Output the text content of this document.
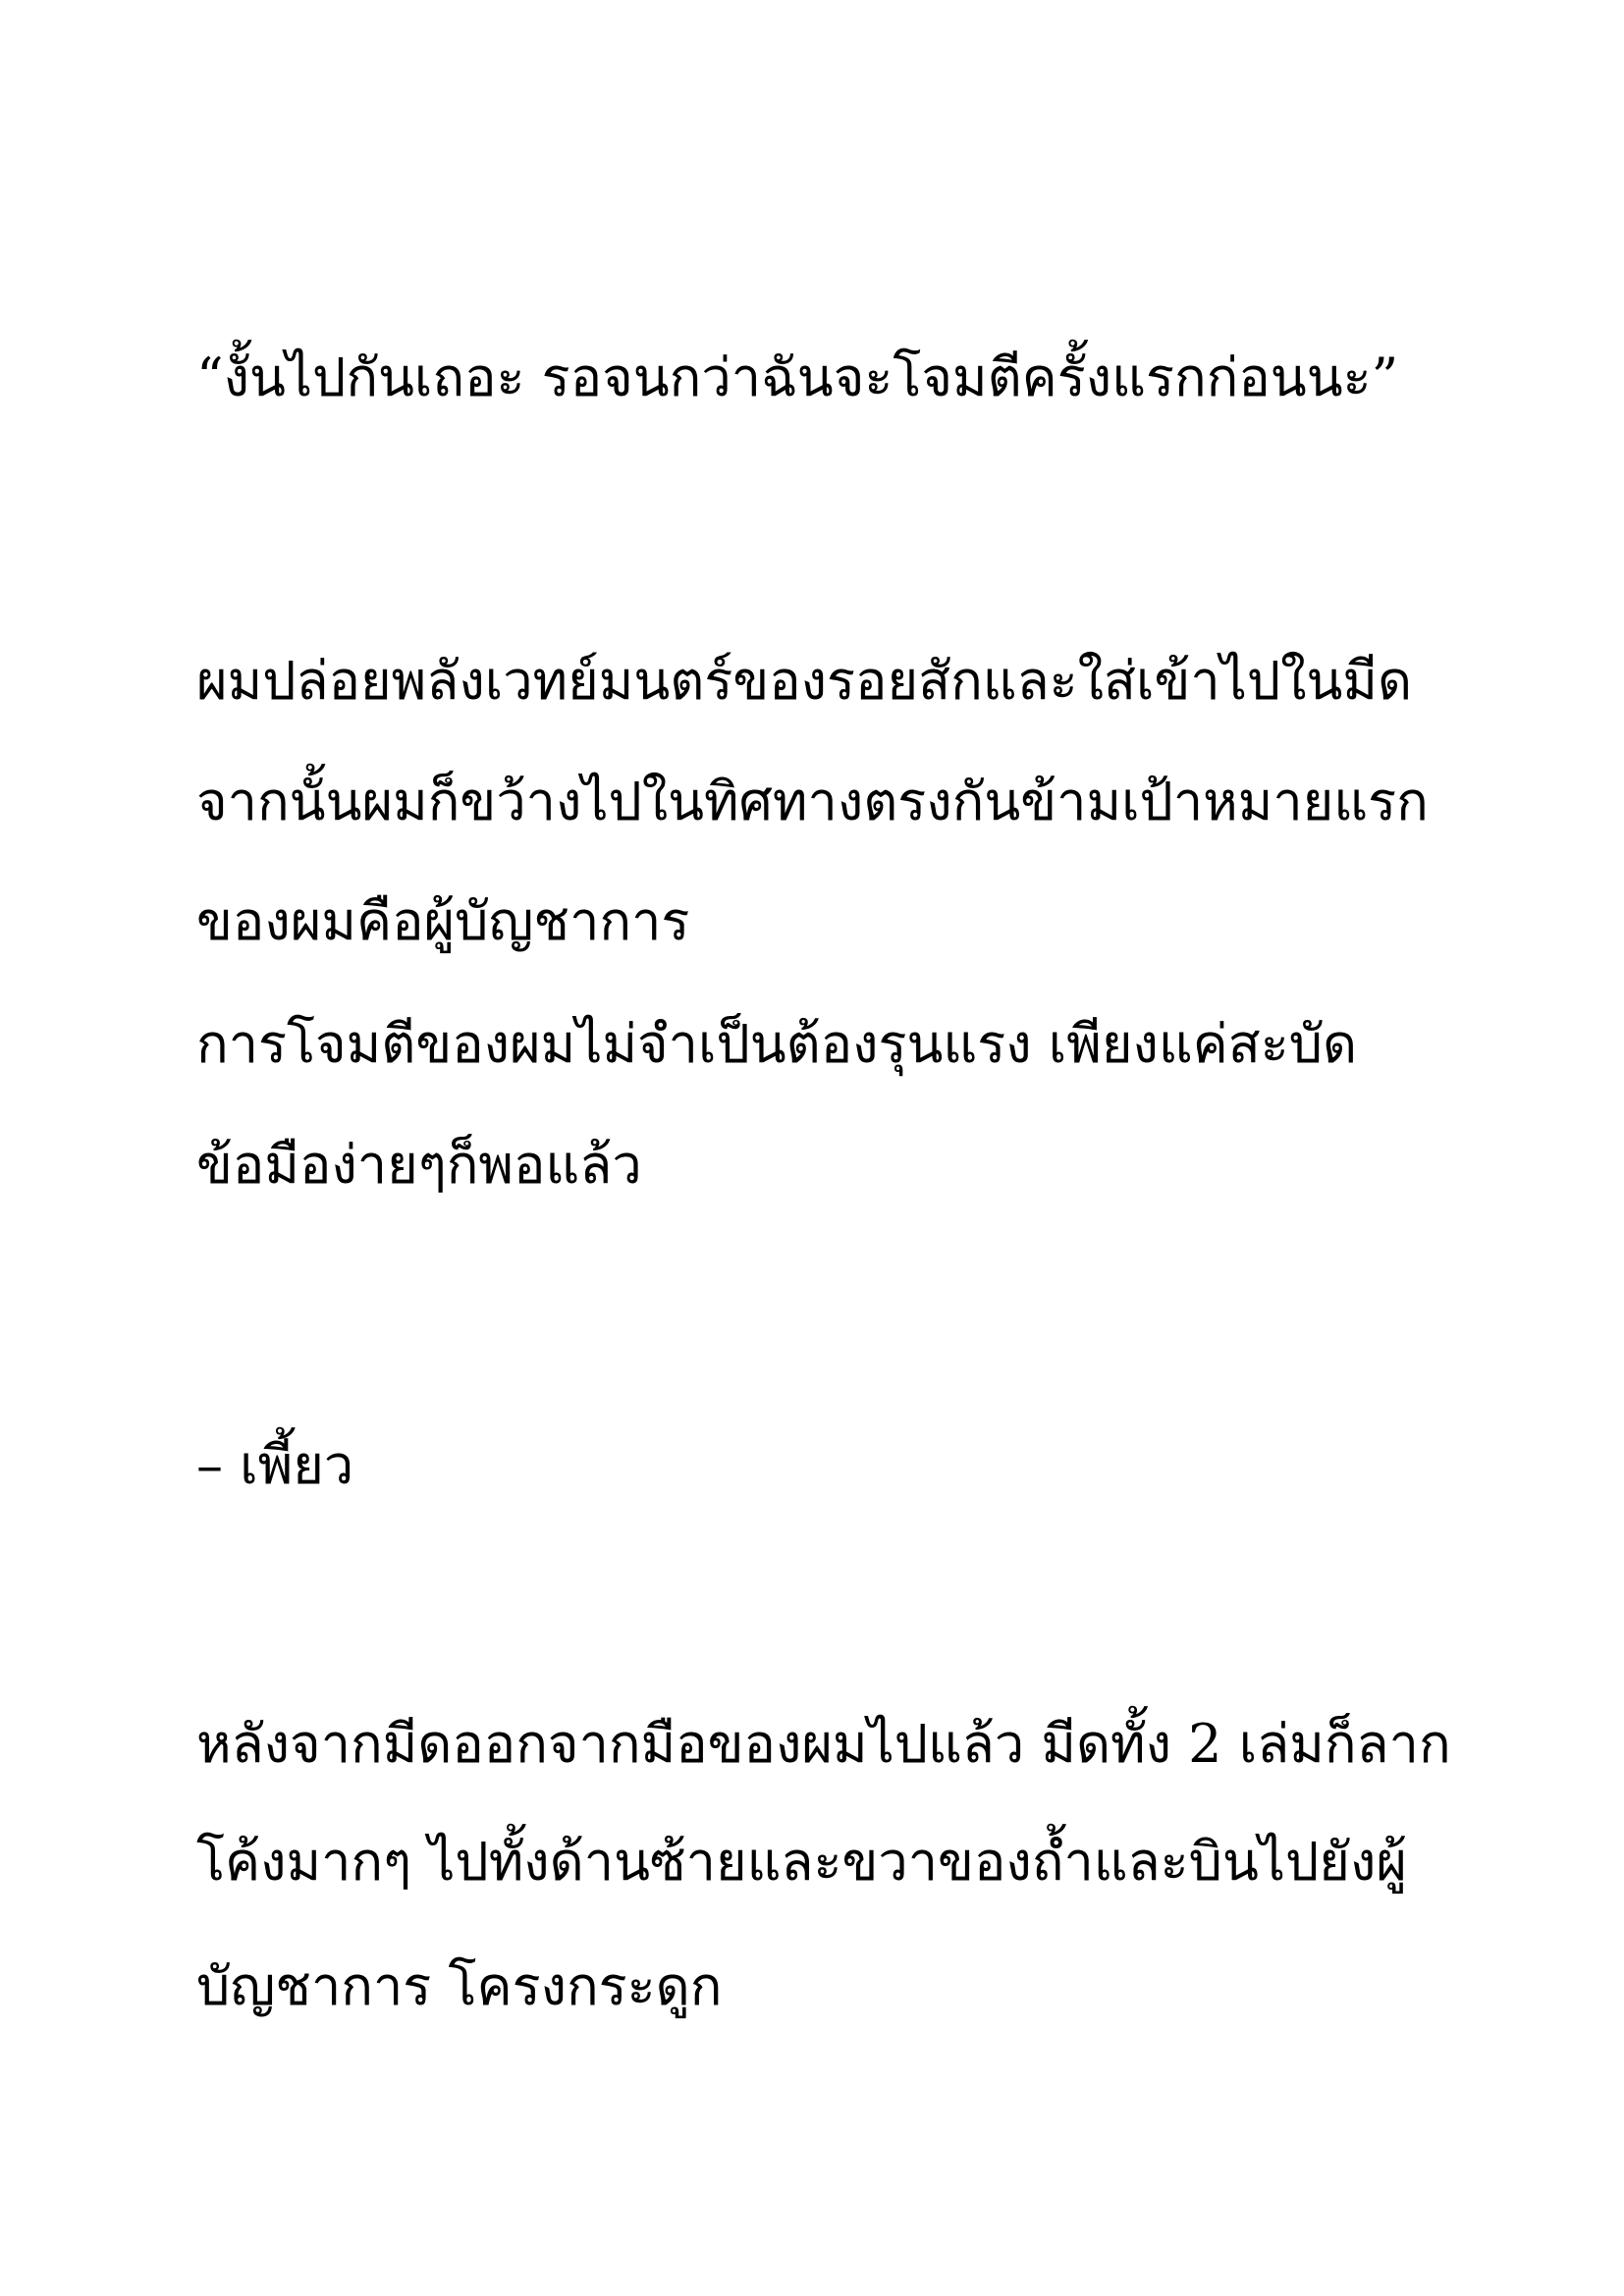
“งั้นไปกันเถอะ รอจนกว่าฉันจะโจมตีครั้งแรกก่อนนะ”

ผมปล่อยพลังเวทย์มนตร์ของรอยสักและใส่เข้าไปในมีด

จากนั้นผมก็ขว้างไปในทิศทางตรงกันข้ามเป้าหมายแรก

ของผมคือผู้บัญชาการ

การโจมตีของผมไม่จำเป็นต้องรุนแรง เพียงแค่สะบัด

ข้อมือง่ายๆก็พอแล้ว

– เพี้ยว

หลังจากมีดออกจากมือของผมไปแล้ว มีดทั้ง 2 เล่มก็ลาก

โค้งมากๆ ไปทั้งด้านซ้ายและขวาของถ้ำและบินไปยังผู้

บัญชาการ โครงกระดูก
